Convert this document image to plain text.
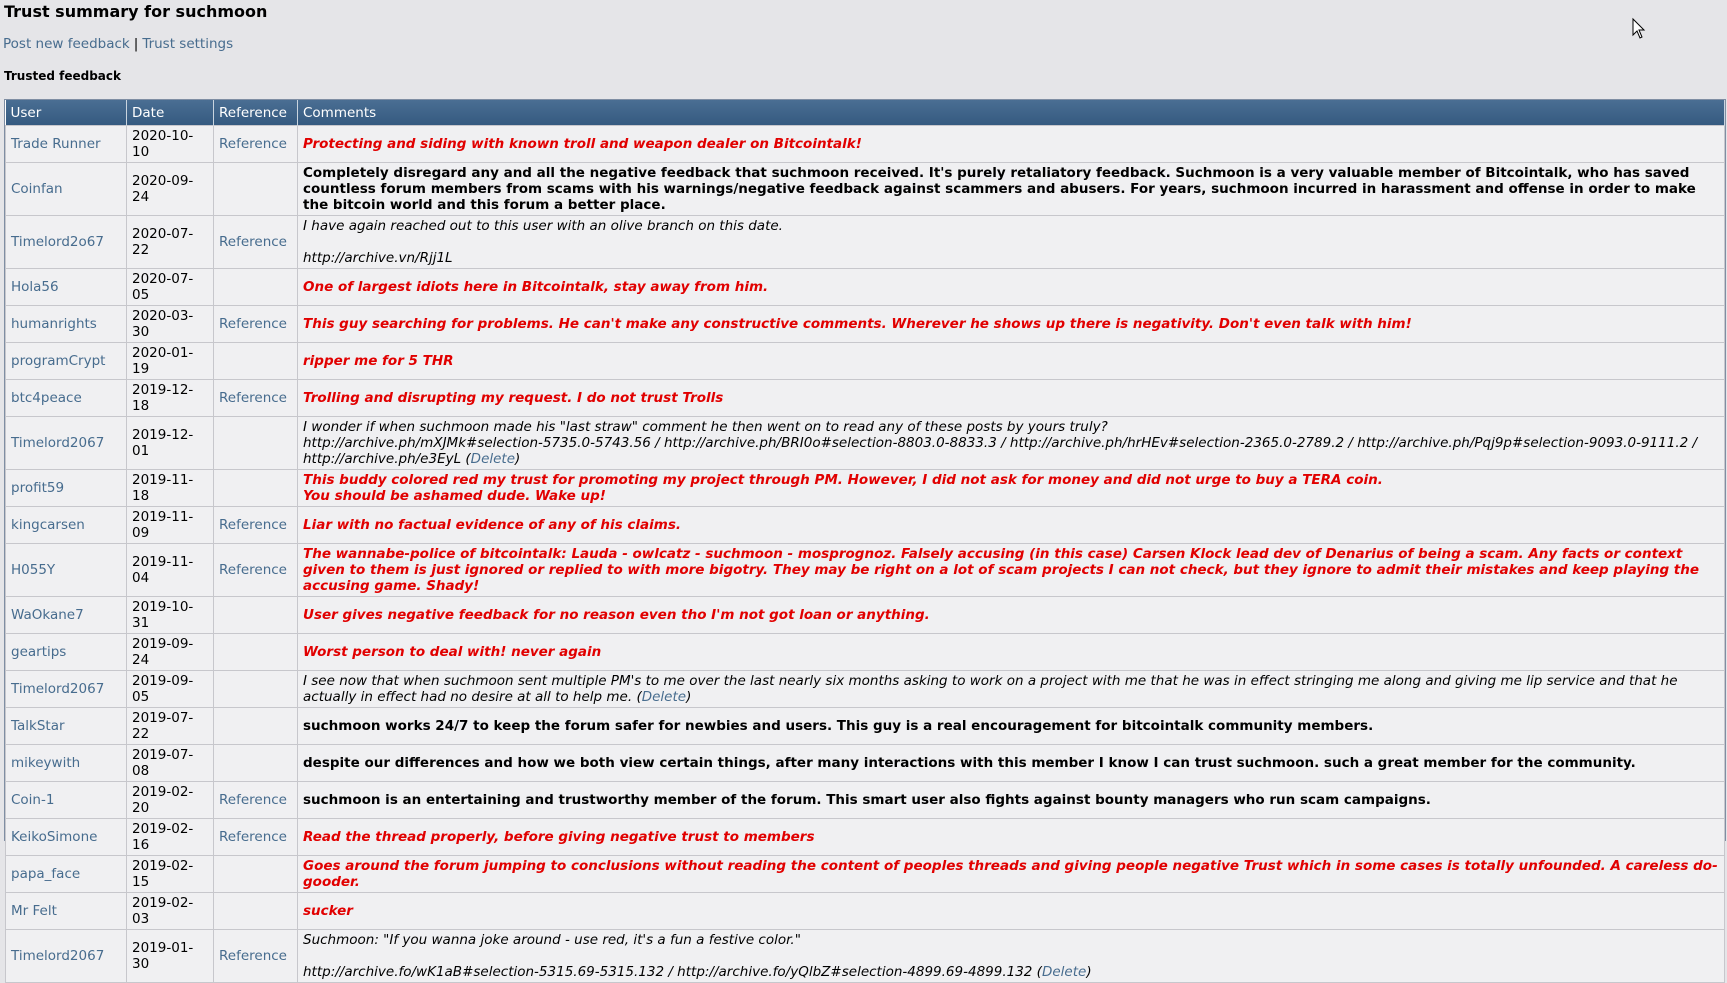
Trust summary for suchmoon
Post new feedback | Trust settings
Trusted feedback
User	Date	Reference	Comments
Trade Runner	2020-10-10	Reference	Protecting and siding with known troll and weapon dealer on Bitcointalk!
Coinfan	2020-09-24		Completely disregard any and all the negative feedback that suchmoon received. It's purely retaliatory feedback. Suchmoon is a very valuable member of Bitcointalk, who has saved countless forum members from scams with his warnings/negative feedback against scammers and abusers. For years, suchmoon incurred in harassment and offense in order to make the bitcoin world and this forum a better place.
Timelord2o67	2020-07-22	Reference	I have again reached out to this user with an olive branch on this date.

http://archive.vn/Rjj1L
Hola56	2020-07-05		One of largest idiots here in Bitcointalk, stay away from him.
humanrights	2020-03-30	Reference	This guy searching for problems. He can't make any constructive comments. Wherever he shows up there is negativity. Don't even talk with him!
programCrypt	2020-01-19		ripper me for 5 THR
btc4peace	2019-12-18	Reference	Trolling and disrupting my request. I do not trust Trolls
Timelord2067	2019-12-01		I wonder if when suchmoon made his "last straw" comment he then went on to read any of these posts by yours truly?
http://archive.ph/mXJMk#selection-5735.0-5743.56 / http://archive.ph/BRI0o#selection-8803.0-8833.3 / http://archive.ph/hrHEv#selection-2365.0-2789.2 / http://archive.ph/Pqj9p#selection-9093.0-9111.2 /
http://archive.ph/e3EyL (Delete)
profit59	2019-11-18		This buddy colored red my trust for promoting my project through PM. However, I did not ask for money and did not urge to buy a TERA coin.
You should be ashamed dude. Wake up!
kingcarsen	2019-11-09	Reference	Liar with no factual evidence of any of his claims.
H055Y	2019-11-04	Reference	The wannabe-police of bitcointalk: Lauda - owlcatz - suchmoon - mosprognoz. Falsely accusing (in this case) Carsen Klock lead dev of Denarius of being a scam. Any facts or context given to them is just ignored or replied to with more bigotry. They may be right on a lot of scam projects I can not check, but they ignore to admit their mistakes and keep playing the accusing game. Shady!
WaOkane7	2019-10-31		User gives negative feedback for no reason even tho I'm not got loan or anything.
geartips	2019-09-24		Worst person to deal with! never again
Timelord2067	2019-09-05		I see now that when suchmoon sent multiple PM's to me over the last nearly six months asking to work on a project with me that he was in effect stringing me along and giving me lip service and that he actually in effect had no desire at all to help me. (Delete)
TalkStar	2019-07-22		suchmoon works 24/7 to keep the forum safer for newbies and users. This guy is a real encouragement for bitcointalk community members.
mikeywith	2019-07-08		despite our differences and how we both view certain things, after many interactions with this member I know I can trust suchmoon. such a great member for the community.
Coin-1	2019-02-20	Reference	suchmoon is an entertaining and trustworthy member of the forum. This smart user also fights against bounty managers who run scam campaigns.
KeikoSimone	2019-02-16	Reference	Read the thread properly, before giving negative trust to members
papa_face	2019-02-15		Goes around the forum jumping to conclusions without reading the content of peoples threads and giving people negative Trust which in some cases is totally unfounded. A careless do-gooder.
Mr Felt	2019-02-03		sucker
Timelord2067	2019-01-30	Reference	Suchmoon: "If you wanna joke around - use red, it's a fun a festive color."

http://archive.fo/wK1aB#selection-5315.69-5315.132 / http://archive.fo/yQlbZ#selection-4899.69-4899.132 (Delete)
